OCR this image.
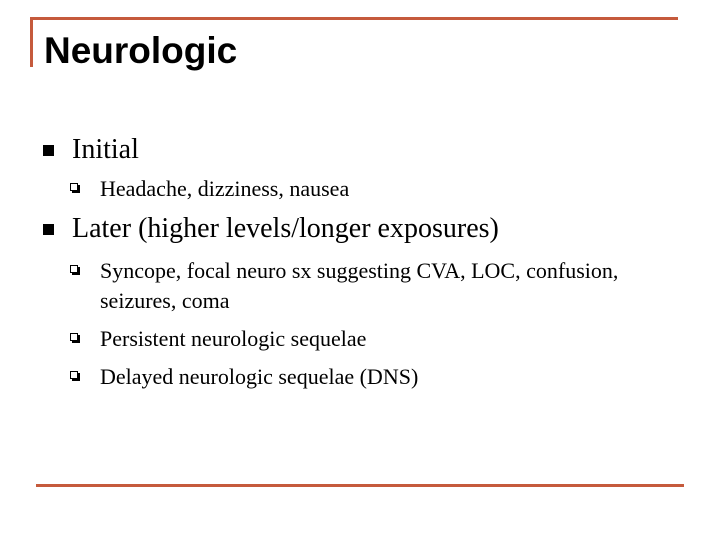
Neurologic
Initial
Headache, dizziness, nausea
Later (higher levels/longer exposures)
Syncope, focal neuro sx suggesting CVA, LOC, confusion, seizures, coma
Persistent neurologic sequelae
Delayed neurologic sequelae (DNS)
